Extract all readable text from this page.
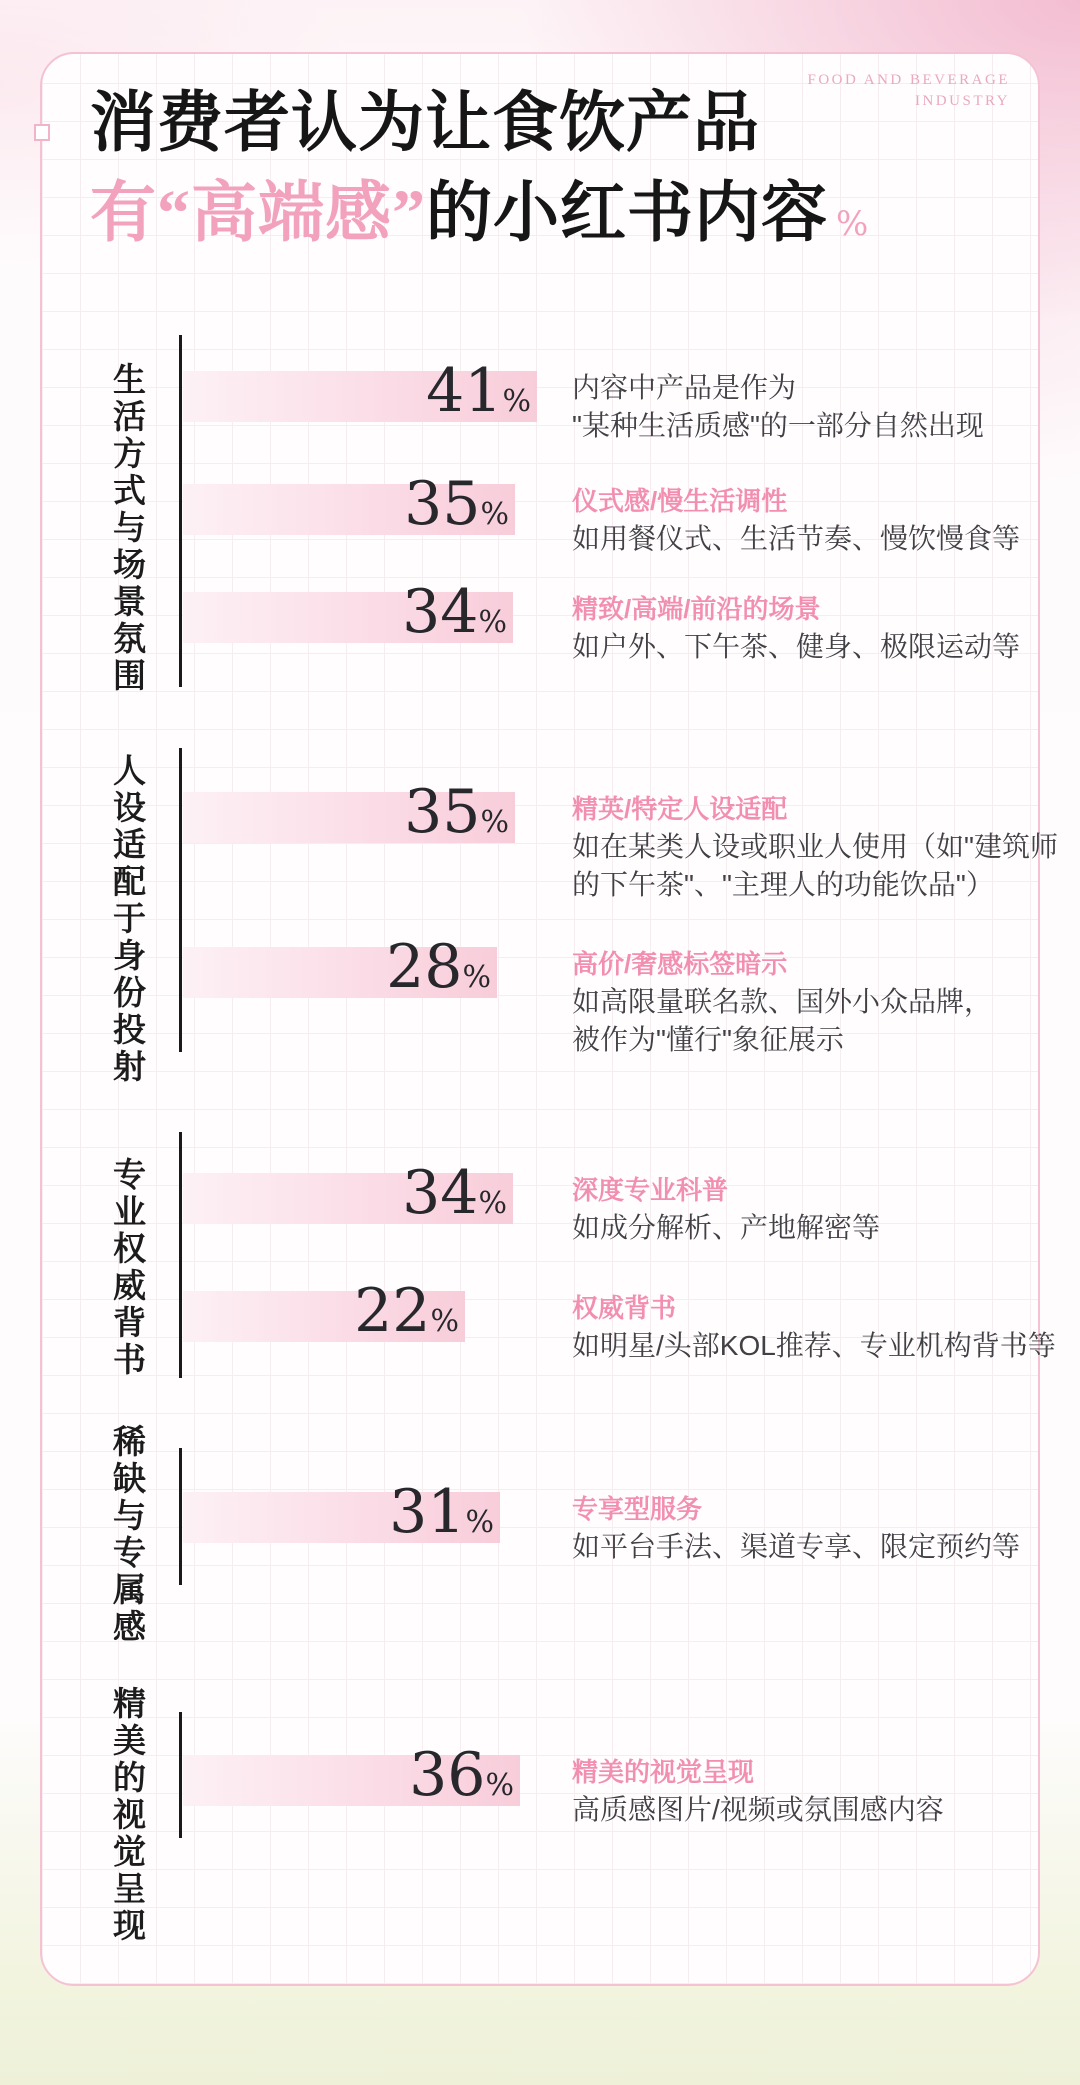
FOOD AND BEVERAGE
INDUSTRY
消费者认为让食饮产品
有“高端感”的小红书内容 %
生活方式与场景氛围	41% 内容中产品是作为
"某种生活质感"的一部分自然出现
35% 仪式感/慢生活调性
如用餐仪式、生活节奏、慢饮慢食等
34%	精致/高端/前沿的场景
如户外、下午茶、健身、极限运动等
人设适配于身份投射	35% 精英/特定人设适配
如在某类人设或职业人使用（如"建筑师
的下午茶"、"主理人的功能饮品"）
28%	高价/奢感标签暗示
如高限量联名款、国外小众品牌，
被作为"懂行"象征展示
专业权威背书	34%	深度专业科普
如成分解析、产地解密等
22%	权威背书
如明星/头部KOL推荐、专业机构背书等
稀缺与专属感	31%	专享型服务
如平台手法、渠道专享、限定预约等
精美的视觉呈现	36% 精美的视觉呈现
高质感图片/视频或氛围感内容
